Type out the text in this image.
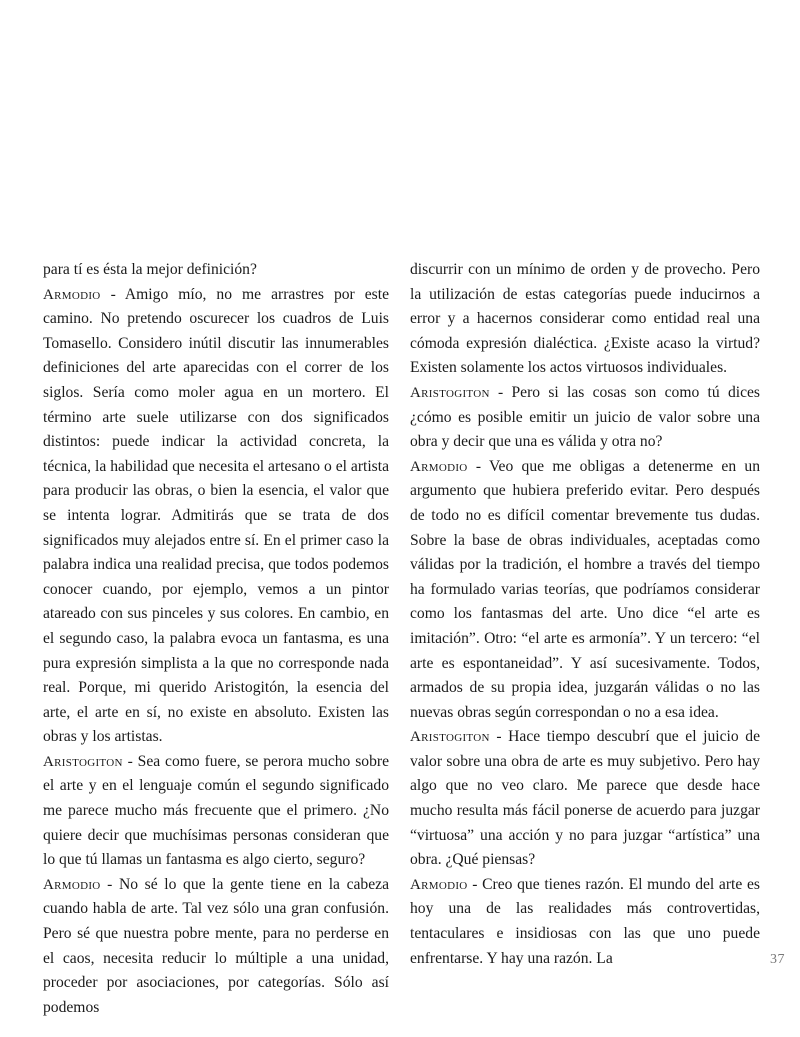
para tí es ésta la mejor definición?

Armodio - Amigo mío, no me arrastres por este camino. No pretendo oscurecer los cuadros de Luis Tomasello. Considero inútil discutir las innumerables definiciones del arte aparecidas con el correr de los siglos. Sería como moler agua en un mortero. El término arte suele utilizarse con dos significados distintos: puede indicar la actividad concreta, la técnica, la habilidad que necesita el artesano o el artista para producir las obras, o bien la esencia, el valor que se intenta lograr. Admitirás que se trata de dos significados muy alejados entre sí. En el primer caso la palabra indica una realidad precisa, que todos podemos conocer cuando, por ejemplo, vemos a un pintor atareado con sus pinceles y sus colores. En cambio, en el segundo caso, la palabra evoca un fantasma, es una pura expresión simplista a la que no corresponde nada real. Porque, mi querido Aristogitón, la esencia del arte, el arte en sí, no existe en absoluto. Existen las obras y los artistas.

Aristogiton - Sea como fuere, se perora mucho sobre el arte y en el lenguaje común el segundo significado me parece mucho más frecuente que el primero. ¿No quiere decir que muchísimas personas consideran que lo que tú llamas un fantasma es algo cierto, seguro?

Armodio - No sé lo que la gente tiene en la cabeza cuando habla de arte. Tal vez sólo una gran confusión. Pero sé que nuestra pobre mente, para no perderse en el caos, necesita reducir lo múltiple a una unidad, proceder por asociaciones, por categorías. Sólo así podemos

discurrir con un mínimo de orden y de provecho. Pero la utilización de estas categorías puede inducirnos a error y a hacernos considerar como entidad real una cómoda expresión dialéctica. ¿Existe acaso la virtud? Existen solamente los actos virtuosos individuales.

Aristogiton - Pero si las cosas son como tú dices ¿cómo es posible emitir un juicio de valor sobre una obra y decir que una es válida y otra no?

Armodio - Veo que me obligas a detenerme en un argumento que hubiera preferido evitar. Pero después de todo no es difícil comentar brevemente tus dudas. Sobre la base de obras individuales, aceptadas como válidas por la tradición, el hombre a través del tiempo ha formulado varias teorías, que podríamos considerar como los fantasmas del arte. Uno dice “el arte es imitación”. Otro: “el arte es armonía”. Y un tercero: “el arte es espontaneidad”. Y así sucesivamente. Todos, armados de su propia idea, juzgarán válidas o no las nuevas obras según correspondan o no a esa idea.

Aristogiton - Hace tiempo descubrí que el juicio de valor sobre una obra de arte es muy subjetivo. Pero hay algo que no veo claro. Me parece que desde hace mucho resulta más fácil ponerse de acuerdo para juzgar “virtuosa” una acción y no para juzgar “artística” una obra. ¿Qué piensas?

Armodio - Creo que tienes razón. El mundo del arte es hoy una de las realidades más controvertidas, tentaculares e insidiosas con las que uno puede enfrentarse. Y hay una razón. La	37
